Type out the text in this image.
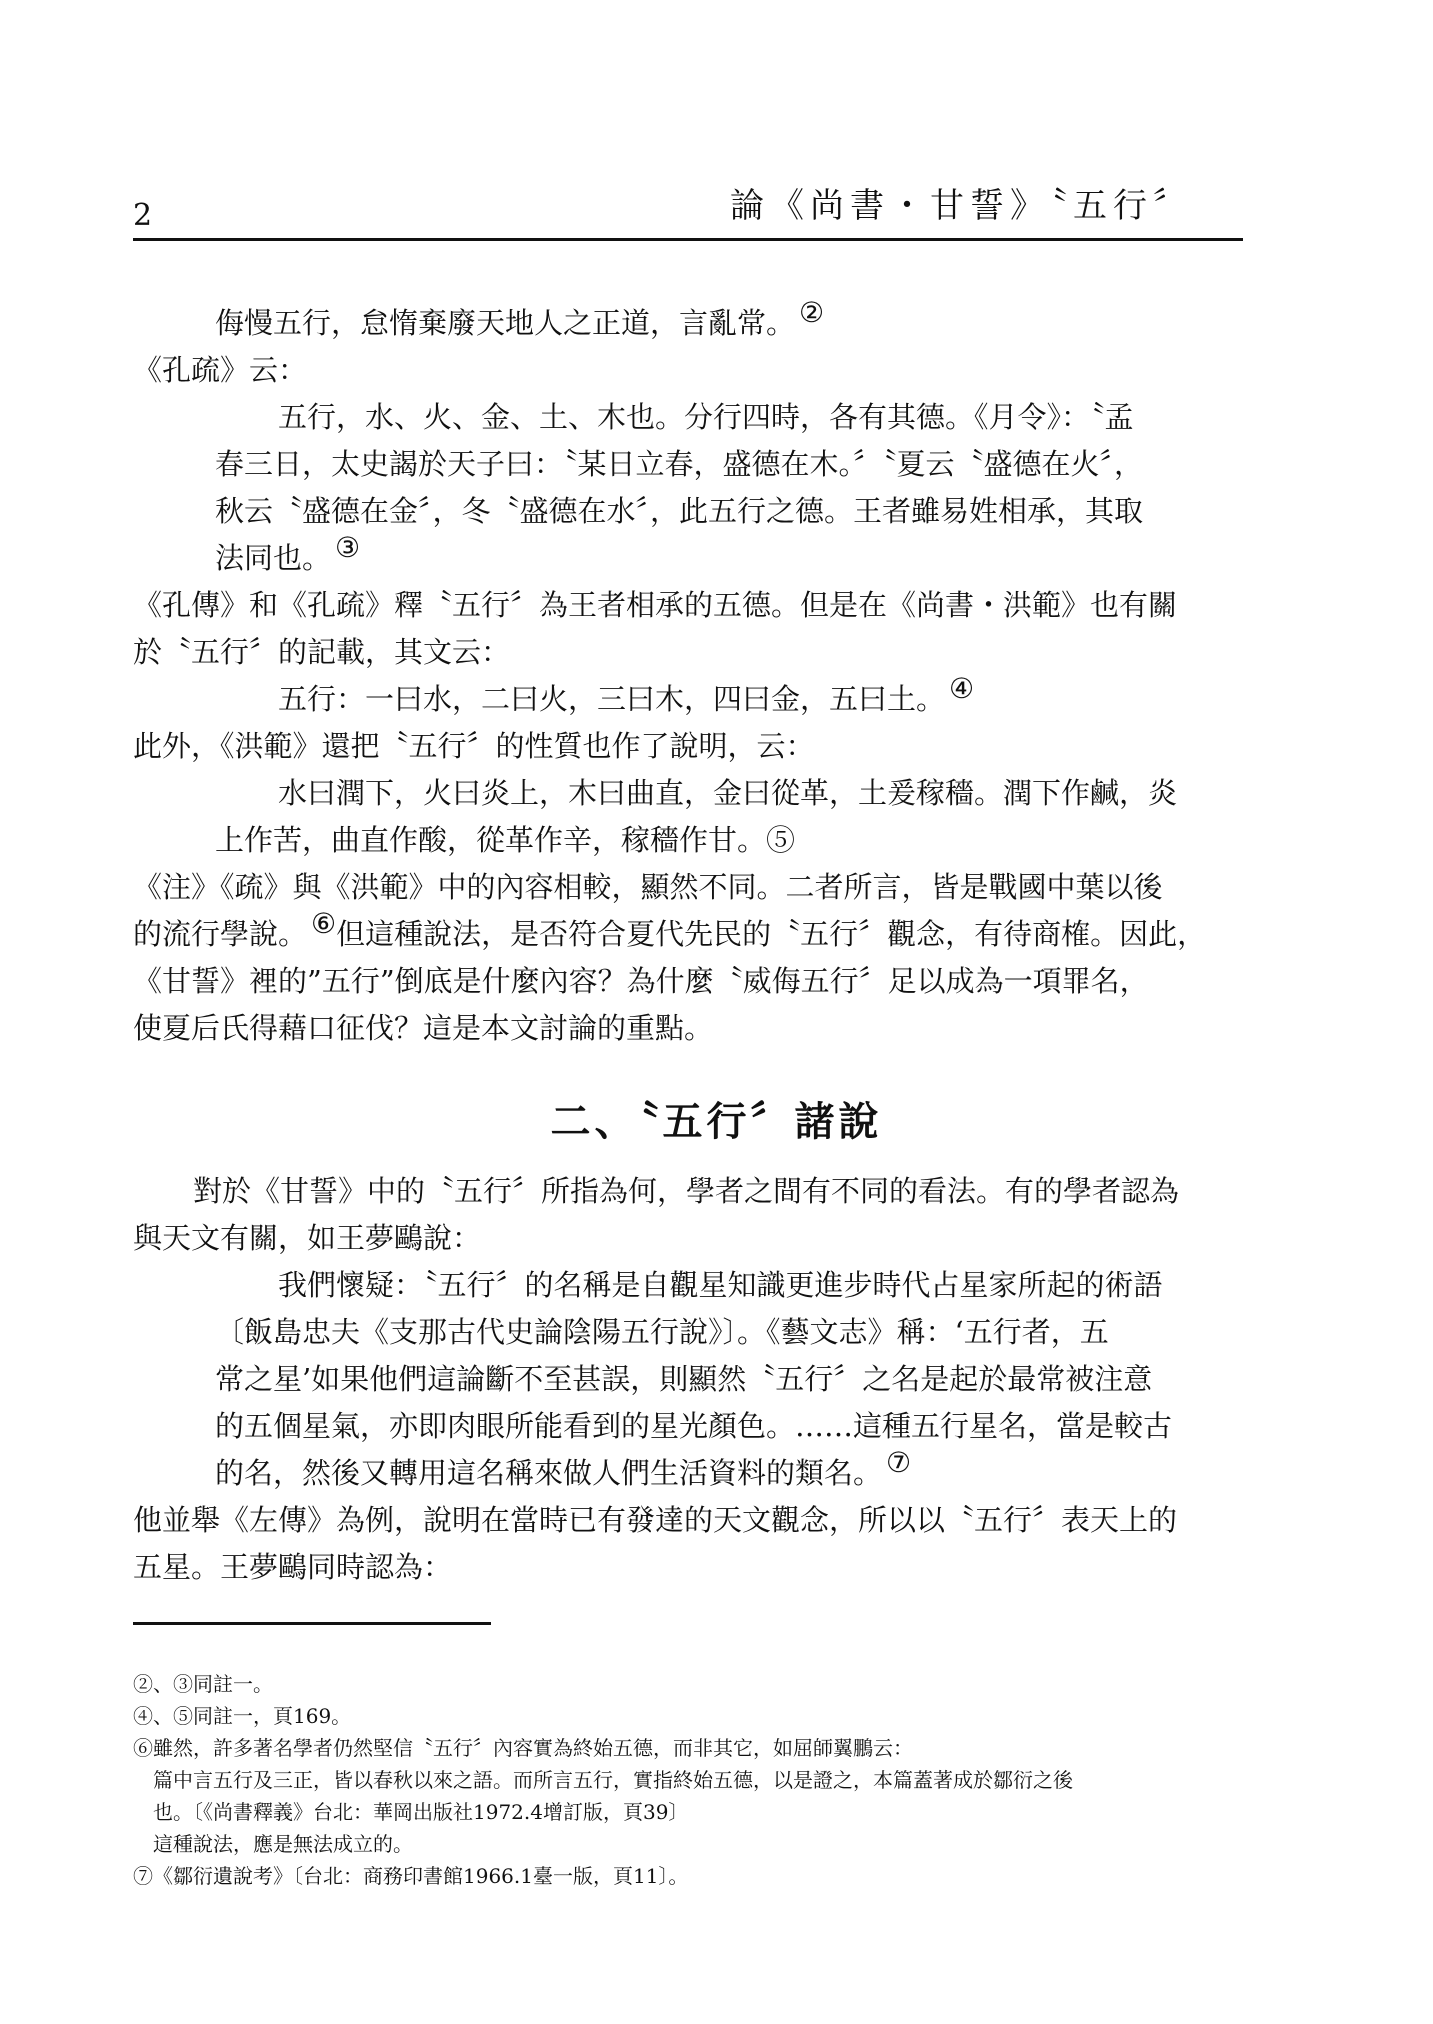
2	論《尚書・甘誓》〝五行〞
侮慢五行，怠惰棄廢天地人之正道，言亂常。 ②
《孔疏》云：
五行，水、火、金、土、木也。分行四時，各有其德。《月令》：〝孟
春三日，太史謁於天子曰：〝某日立春，盛德在木。〞〝夏云〝盛德在火〞，
秋云〝盛德在金〞，冬〝盛德在水〞，此五行之德。王者雖易姓相承，其取
法同也。 ③
《孔傳》和《孔疏》釋〝五行〞為王者相承的五德。但是在《尚書・洪範》也有關
於〝五行〞的記載，其文云：
五行：一曰水，二曰火，三曰木，四曰金，五曰土。 ④
此外，《洪範》還把〝五行〞的性質也作了說明，云：
水曰潤下，火曰炎上，木曰曲直，金曰從革，土爰稼穡。潤下作鹹，炎
上作苦，曲直作酸，從革作辛，稼穡作甘。⑤
《注》《疏》與《洪範》中的內容相較，顯然不同。二者所言，皆是戰國中葉以後
的流行學說。 ⑥但這種說法，是否符合夏代先民的〝五行〞觀念，有待商榷。因此，
《甘誓》裡的”五行”倒底是什麼內容？為什麼〝威侮五行〞足以成為一項罪名，
使夏后氏得藉口征伐？這是本文討論的重點。
二、〝五行〞諸說
對於《甘誓》中的〝五行〞所指為何，學者之間有不同的看法。有的學者認為
與天文有關，如王夢鷗說：
我們懷疑：〝五行〞的名稱是自觀星知識更進步時代占星家所起的術語
〔飯島忠夫《支那古代史論陰陽五行說》〕。《藝文志》稱：‘五行者，五
常之星’如果他們這論斷不至甚誤，則顯然〝五行〞之名是起於最常被注意
的五個星氣，亦即肉眼所能看到的星光顏色。……這種五行星名，當是較古
的名，然後又轉用這名稱來做人們生活資料的類名。 ⑦
他並舉《左傳》為例，說明在當時已有發達的天文觀念，所以以〝五行〞表天上的
五星。王夢鷗同時認為：
②、③同註一。
④、⑤同註一，頁169。
⑥雖然，許多著名學者仍然堅信〝五行〞內容實為終始五德，而非其它，如屈師翼鵬云：
篇中言五行及三正，皆以春秋以來之語。而所言五行，實指終始五德，以是證之，本篇蓋著成於鄒衍之後
也。〔《尚書釋義》台北：華岡出版社1972.4增訂版，頁39〕
這種說法，應是無法成立的。
⑦《鄒衍遺說考》〔台北：商務印書館1966.1臺一版，頁11〕。
